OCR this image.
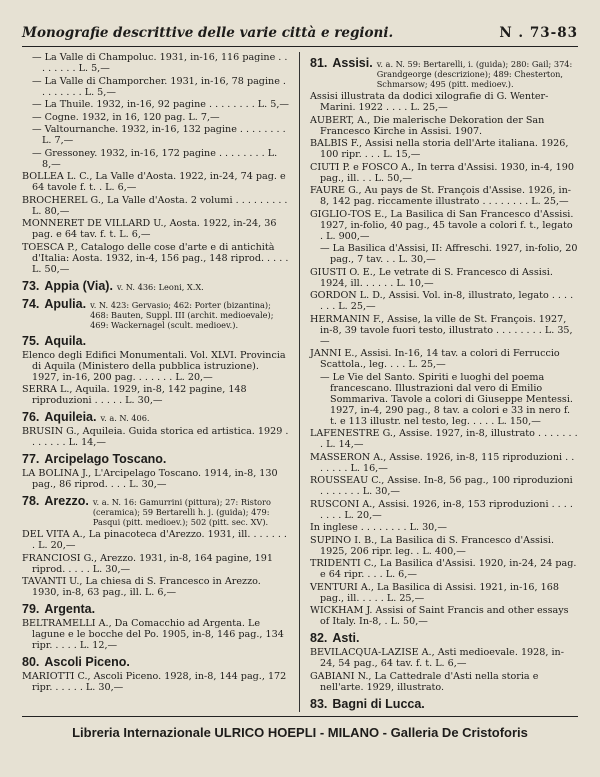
Monografie descrittive delle varie città e regioni.	N . 73-83

— La Valle di Champoluc. 1931, in-16, 116 pagine . . . . . . . . L. 5,—

— La Valle di Champorcher. 1931, in-16, 78 pagine . . . . . . . . L. 5,—

— La Thuile. 1932, in-16, 92 pagine . . . . . . . . L. 5,—

— Cogne. 1932, in 16, 120 pag. L. 7,—

— Valtournanche. 1932, in-16, 132 pagine . . . . . . . . L. 7,—

— Gressoney. 1932, in-16, 172 pagine . . . . . . . . L. 8,—

BOLLEA L. C., La Valle d'Aosta. 1922, in-24, 74 pag. e 64 tavole f. t. . L. 6,—

BROCHEREL G., La Valle d'Aosta. 2 volumi . . . . . . . . . L. 80,—

MONNERET DE VILLARD U., Aosta. 1922, in-24, 36 pag. e 64 tav. f. t. L. 6,—

TOESCA P., Catalogo delle cose d'arte e di antichità d'Italia: Aosta. 1932, in-4, 156 pag., 148 riprod. . . . . L. 50,—

73. Appia (Via). v. N. 436: Leoni, X.X.
74. Apulia. v. N. 423: Gervasio; 462: Porter (bizantina); 468: Bauten, Suppl. III (archit. medioevale); 469: Wackernagel (scult. medioev.).
75. Aquila.

Elenco degli Edifici Monumentali. Vol. XLVI. Provincia di Aquila (Ministero della pubblica istruzione). 1927, in-16, 200 pag. . . . . . . L. 20,—

SERRA L., Aquila. 1929, in-8, 142 pagine, 148 riproduzioni . . . . . L. 30,—

76. Aquileia. v. a. N. 406.

BRUSIN G., Aquileia. Guida storica ed artistica. 1929 . . . . . . . L. 14,—

77. Arcipelago Toscano.

LA BOLINA J., L'Arcipelago Toscano. 1914, in-8, 130 pag., 86 riprod. . . . L. 30,—

78. Arezzo. v. a. N. 16: Gamurrini (pittura); 27: Ristoro (ceramica); 59 Bertarelli h. j. (guida); 479: Pasqui (pitt. medioev.); 502 (pitt. sec. XV).

DEL VITA A., La pinacoteca d'Arezzo. 1931, ill. . . . . . . . L. 20,—

FRANCIOSI G., Arezzo. 1931, in-8, 164 pagine, 191 riprod. . . . . L. 30,—

TAVANTI U., La chiesa di S. Francesco in Arezzo. 1930, in-8, 63 pag., ill. L. 6,—

79. Argenta.

BELTRAMELLI A., Da Comacchio ad Argenta. Le lagune e le bocche del Po. 1905, in-8, 146 pag., 134 ripr. . . . . L. 12,—

80. Ascoli Piceno.

MARIOTTI C., Ascoli Piceno. 1928, in-8, 144 pag., 172 ripr. . . . . . L. 30,—

81. Assisi. v. a. N. 59: Bertarelli, i. (guida); 280: Gail; 374: Grandgeorge (descrizione); 489: Chesterton, Schmarsow; 495 (pitt. medioev.).

Assisi illustrata da dodici xilografie di G. Wenter-Marini. 1922 . . . . L. 25,—

AUBERT, A., Die malerische Dekoration der San Francesco Kirche in Assisi. 1907.

BALBIS F., Assisi nella storia dell'Arte italiana. 1926, 100 ripr. . . . L. 15,—

CIUTI P. e FOSCO A., In terra d'Assisi. 1930, in-4, 190 pag., ill. . . L. 50,—

FAURE G., Au pays de St. François d'Assise. 1926, in-8, 142 pag. riccamente illustrato . . . . . . . . L. 25,—

GIGLIO-TOS E., La Basilica di San Francesco d'Assisi. 1927, in-folio, 40 pag., 45 tavole a colori f. t., legato . L. 900,—

— La Basilica d'Assisi, II: Affreschi. 1927, in-folio, 20 pag., 7 tav. . . L. 30,—

GIUSTI O. E., Le vetrate di S. Francesco di Assisi. 1924, ill. . . . . . L. 10,—

GORDON L. D., Assisi. Vol. in-8, illustrato, legato . . . . . . . L. 25,—

HERMANIN F., Assise, la ville de St. François. 1927, in-8, 39 tavole fuori testo, illustrato . . . . . . . . L. 35,—

JANNI E., Assisi. In-16, 14 tav. a colori di Ferruccio Scattola., leg. . . . L. 25,—

— Le Vie del Santo. Spiriti e luoghi del poema francescano. Illustrazioni dal vero di Emilio Sommariva. Tavole a colori di Giuseppe Mentessi. 1927, in-4, 290 pag., 8 tav. a colori e 33 in nero f. t. e 113 illustr. nel testo, leg. . . . . L. 150,—

LAFENESTRE G., Assise. 1927, in-8, illustrato . . . . . . . . L. 14,—

MASSERON A., Assise. 1926, in-8, 115 riproduzioni . . . . . . . L. 16,—

ROUSSEAU C., Assise. In-8, 56 pag., 100 riproduzioni . . . . . . . L. 30,—

RUSCONI A., Assisi. 1926, in-8, 153 riproduzioni . . . . . . . . L. 20,—

In inglese . . . . . . . . L. 30,—

SUPINO I. B., La Basilica di S. Francesco d'Assisi. 1925, 206 ripr. leg. . L. 400,—

TRIDENTI C., La Basilica d'Assisi. 1920, in-24, 24 pag. e 64 ripr. . . . L. 6,—

VENTURI A., La Basilica di Assisi. 1921, in-16, 168 pag., ill. . . . . L. 25,—

WICKHAM J. Assisi of Saint Francis and other essays of Italy. In-8, . L. 50,—

82. Asti.

BEVILACQUA-LAZISE A., Asti medioevale. 1928, in-24, 54 pag., 64 tav. f. t. L. 6,—

GABIANI N., La Cattedrale d'Asti nella storia e nell'arte. 1929, illustrato.

83. Bagni di Lucca.

Libreria Internazionale ULRICO HOEPLI - MILANO - Galleria De Cristoforis
